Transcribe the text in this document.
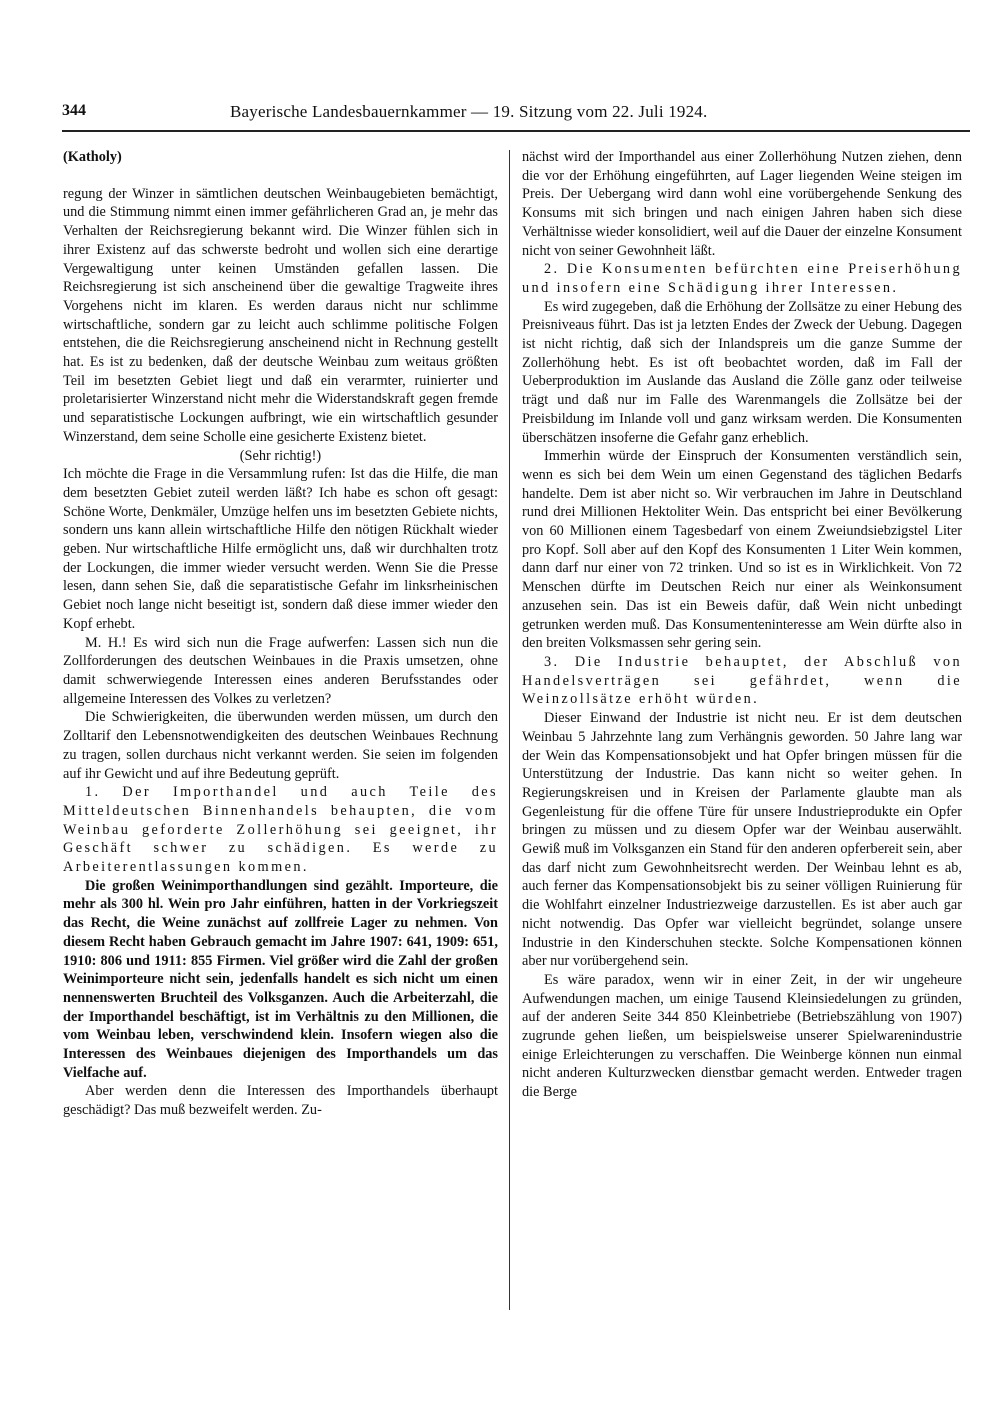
344	Bayerische Landesbauernkammer — 19. Sitzung vom 22. Juli 1924.

(Katholy)

regung der Winzer in sämtlichen deutschen Weinbaugebieten bemächtigt, und die Stimmung nimmt einen immer gefährlicheren Grad an, je mehr das Verhalten der Reichsregierung bekannt wird. Die Winzer fühlen sich in ihrer Existenz auf das schwerste bedroht und wollen sich eine derartige Vergewaltigung unter keinen Umständen gefallen lassen. Die Reichsregierung ist sich anscheinend über die gewaltige Tragweite ihres Vorgehens nicht im klaren. Es werden daraus nicht nur schlimme wirtschaftliche, sondern gar zu leicht auch schlimme politische Folgen entstehen, die die Reichsregierung anscheinend nicht in Rechnung gestellt hat. Es ist zu bedenken, daß der deutsche Weinbau zum weitaus größten Teil im besetzten Gebiet liegt und daß ein verarmter, ruinierter und proletarisierter Winzerstand nicht mehr die Widerstandskraft gegen fremde und separatistische Lockungen aufbringt, wie ein wirtschaftlich gesunder Winzerstand, dem seine Scholle eine gesicherte Existenz bietet.

(Sehr richtig!)

Ich möchte die Frage in die Versammlung rufen: Ist das die Hilfe, die man dem besetzten Gebiet zuteil werden läßt? Ich habe es schon oft gesagt: Schöne Worte, Denkmäler, Umzüge helfen uns im besetzten Gebiete nichts, sondern uns kann allein wirtschaftliche Hilfe den nötigen Rückhalt wieder geben. Nur wirtschaftliche Hilfe ermöglicht uns, daß wir durchhalten trotz der Lockungen, die immer wieder versucht werden. Wenn Sie die Presse lesen, dann sehen Sie, daß die separatistische Gefahr im linksrheinischen Gebiet noch lange nicht beseitigt ist, sondern daß diese immer wieder den Kopf erhebt.

M. H.! Es wird sich nun die Frage aufwerfen: Lassen sich nun die Zollforderungen des deutschen Weinbaues in die Praxis umsetzen, ohne damit schwerwiegende Interessen eines anderen Berufsstandes oder allgemeine Interessen des Volkes zu verletzen?

Die Schwierigkeiten, die überwunden werden müssen, um durch den Zolltarif den Lebensnotwendigkeiten des deutschen Weinbaues Rechnung zu tragen, sollen durchaus nicht verkannt werden. Sie seien im folgenden auf ihr Gewicht und auf ihre Bedeutung geprüft.

1. Der Importhandel und auch Teile des Mitteldeutschen Binnenhandels behaupten, die vom Weinbau geforderte Zollerhöhung sei geeignet, ihr Geschäft schwer zu schädigen. Es werde zu Arbeiterentlassungen kommen.

Die großen Weinimporthandlungen sind gezählt. Importeure, die mehr als 300 hl. Wein pro Jahr einführen, hatten in der Vorkriegszeit das Recht, die Weine zunächst auf zollfreie Lager zu nehmen. Von diesem Recht haben Gebrauch gemacht im Jahre 1907: 641, 1909: 651, 1910: 806 und 1911: 855 Firmen. Viel größer wird die Zahl der großen Weinimporteure nicht sein, jedenfalls handelt es sich nicht um einen nennenswerten Bruchteil des Volksganzen. Auch die Arbeiterzahl, die der Importhandel beschäftigt, ist im Verhältnis zu den Millionen, die vom Weinbau leben, verschwindend klein. Insofern wiegen also die Interessen des Weinbaues diejenigen des Importhandels um das Vielfache auf.

Aber werden denn die Interessen des Importhandels überhaupt geschädigt? Das muß bezweifelt werden. Zu-

nächst wird der Importhandel aus einer Zollerhöhung Nutzen ziehen, denn die vor der Erhöhung eingeführten, auf Lager liegenden Weine steigen im Preis. Der Uebergang wird dann wohl eine vorübergehende Senkung des Konsums mit sich bringen und nach einigen Jahren haben sich diese Verhältnisse wieder konsolidiert, weil auf die Dauer der einzelne Konsument nicht von seiner Gewohnheit läßt.

2. Die Konsumenten befürchten eine Preiserhöhung und insofern eine Schädigung ihrer Interessen.

Es wird zugegeben, daß die Erhöhung der Zollsätze zu einer Hebung des Preisniveaus führt. Das ist ja letzten Endes der Zweck der Uebung. Dagegen ist nicht richtig, daß sich der Inlandspreis um die ganze Summe der Zollerhöhung hebt. Es ist oft beobachtet worden, daß im Fall der Ueberproduktion im Auslande das Ausland die Zölle ganz oder teilweise trägt und daß nur im Falle des Warenmangels die Zollsätze bei der Preisbildung im Inlande voll und ganz wirksam werden. Die Konsumenten überschätzen insoferne die Gefahr ganz erheblich.

Immerhin würde der Einspruch der Konsumenten verständlich sein, wenn es sich bei dem Wein um einen Gegenstand des täglichen Bedarfs handelte. Dem ist aber nicht so. Wir verbrauchen im Jahre in Deutschland rund drei Millionen Hektoliter Wein. Das entspricht bei einer Bevölkerung von 60 Millionen einem Tagesbedarf von einem Zweiundsiebzigstel Liter pro Kopf. Soll aber auf den Kopf des Konsumenten 1 Liter Wein kommen, dann darf nur einer von 72 trinken. Und so ist es in Wirklichkeit. Von 72 Menschen dürfte im Deutschen Reich nur einer als Weinkonsument anzusehen sein. Das ist ein Beweis dafür, daß Wein nicht unbedingt getrunken werden muß. Das Konsumenteninteresse am Wein dürfte also in den breiten Volksmassen sehr gering sein.

3. Die Industrie behauptet, der Abschluß von Handelsverträgen sei gefährdet, wenn die Weinzollsätze erhöht würden.

Dieser Einwand der Industrie ist nicht neu. Er ist dem deutschen Weinbau 5 Jahrzehnte lang zum Verhängnis geworden. 50 Jahre lang war der Wein das Kompensationsobjekt und hat Opfer bringen müssen für die Unterstützung der Industrie. Das kann nicht so weiter gehen. In Regierungskreisen und in Kreisen der Parlamente glaubte man als Gegenleistung für die offene Türe für unsere Industrieprodukte ein Opfer bringen zu müssen und zu diesem Opfer war der Weinbau auserwählt. Gewiß muß im Volksganzen ein Stand für den anderen opferbereit sein, aber das darf nicht zum Gewohnheitsrecht werden. Der Weinbau lehnt es ab, auch ferner das Kompensationsobjekt bis zu seiner völligen Ruinierung für die Wohlfahrt einzelner Industriezweige darzustellen. Es ist aber auch gar nicht notwendig. Das Opfer war vielleicht begründet, solange unsere Industrie in den Kinderschuhen steckte. Solche Kompensationen können aber nur vorübergehend sein.

Es wäre paradox, wenn wir in einer Zeit, in der wir ungeheure Aufwendungen machen, um einige Tausend Kleinsiedelungen zu gründen, auf der anderen Seite 344 850 Kleinbetriebe (Betriebszählung von 1907) zugrunde gehen ließen, um beispielsweise unserer Spielwarenindustrie einige Erleichterungen zu verschaffen. Die Weinberge können nun einmal nicht anderen Kulturzwecken dienstbar gemacht werden. Entweder tragen die Berge
